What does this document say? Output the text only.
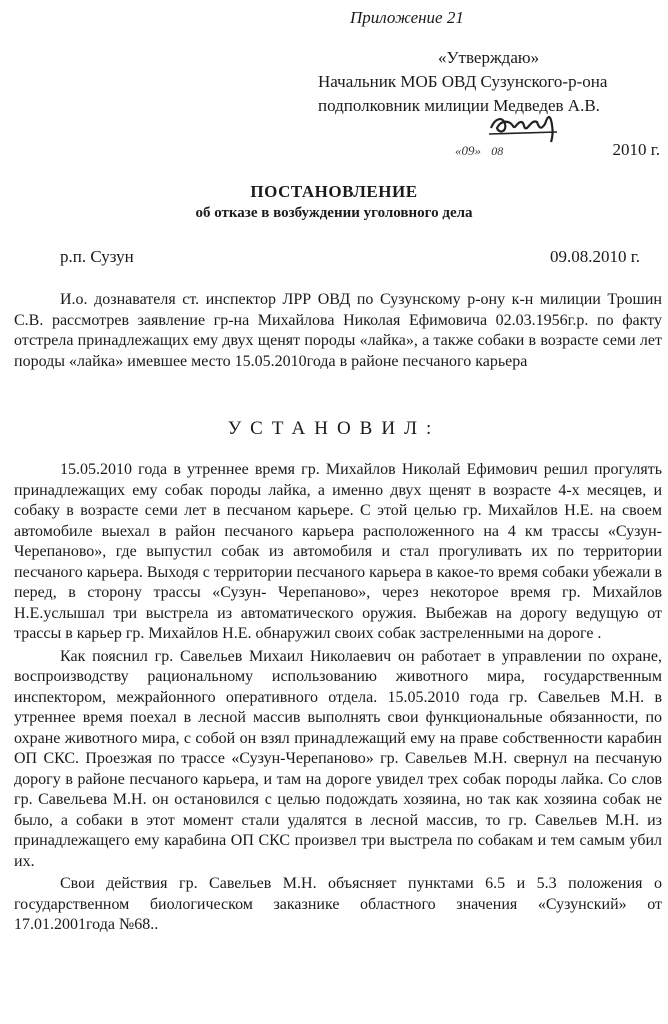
Приложение 21
«Утверждаю»
Начальник МОБ ОВД Сузунского-р-она
подполковник милиции Медведев А.В.
«09» 08	2010 г.
ПОСТАНОВЛЕНИЕ
об отказе в возбуждении уголовного дела
р.п. Сузун	09.08.2010 г.

И.о. дознавателя ст. инспектор ЛРР ОВД по Сузунскому р-ону к-н милиции Трошин С.В. рассмотрев заявление гр-на Михайлова Николая Ефимовича 02.03.1956г.р. по факту отстрела принадлежащих ему двух щенят породы «лайка», а также собаки в возрасте семи лет породы «лайка» имевшее место 15.05.2010года в районе песчаного карьера

УСТАНОВИЛ:

15.05.2010 года в утреннее время гр. Михайлов Николай Ефимович решил прогулять принадлежащих ему собак породы лайка, а именно двух щенят в возрасте 4-х месяцев, и собаку в возрасте семи лет в песчаном карьере. С этой целью гр. Михайлов Н.Е. на своем автомобиле выехал в район песчаного карьера расположенного на 4 км трассы «Сузун- Черепаново», где выпустил собак из автомобиля и стал прогуливать их по территории песчаного карьера. Выходя с территории песчаного карьера в какое-то время собаки убежали в перед, в сторону трассы «Сузун- Черепаново», через некоторое время гр. Михайлов Н.Е.услышал три выстрела из автоматического оружия. Выбежав на дорогу ведущую от трассы в карьер гр. Михайлов Н.Е. обнаружил своих собак застреленными на дороге .

Как пояснил гр. Савельев Михаил Николаевич он работает в управлении по охране, воспроизводству рациональному использованию животного мира, государственным инспектором, межрайонного оперативного отдела. 15.05.2010 года гр. Савельев М.Н. в утреннее время поехал в лесной массив выполнять свои функциональные обязанности, по охране животного мира, с собой он взял принадлежащий ему на праве собственности карабин ОП СКС. Проезжая по трассе «Сузун-Черепаново» гр. Савельев М.Н. свернул на песчаную дорогу в районе песчаного карьера, и там на дороге увидел трех собак породы лайка. Со слов гр. Савельева М.Н. он остановился с целью подождать хозяина, но так как хозяина собак не было, а собаки в этот момент стали удалятся в лесной массив, то гр. Савельев М.Н. из принадлежащего ему карабина ОП СКС произвел три выстрела по собакам и тем самым убил их.

Свои действия гр. Савельев М.Н. объясняет пунктами 6.5 и 5.3 положения о государственном биологическом заказнике областного значения «Сузунский» от 17.01.2001года №68..
